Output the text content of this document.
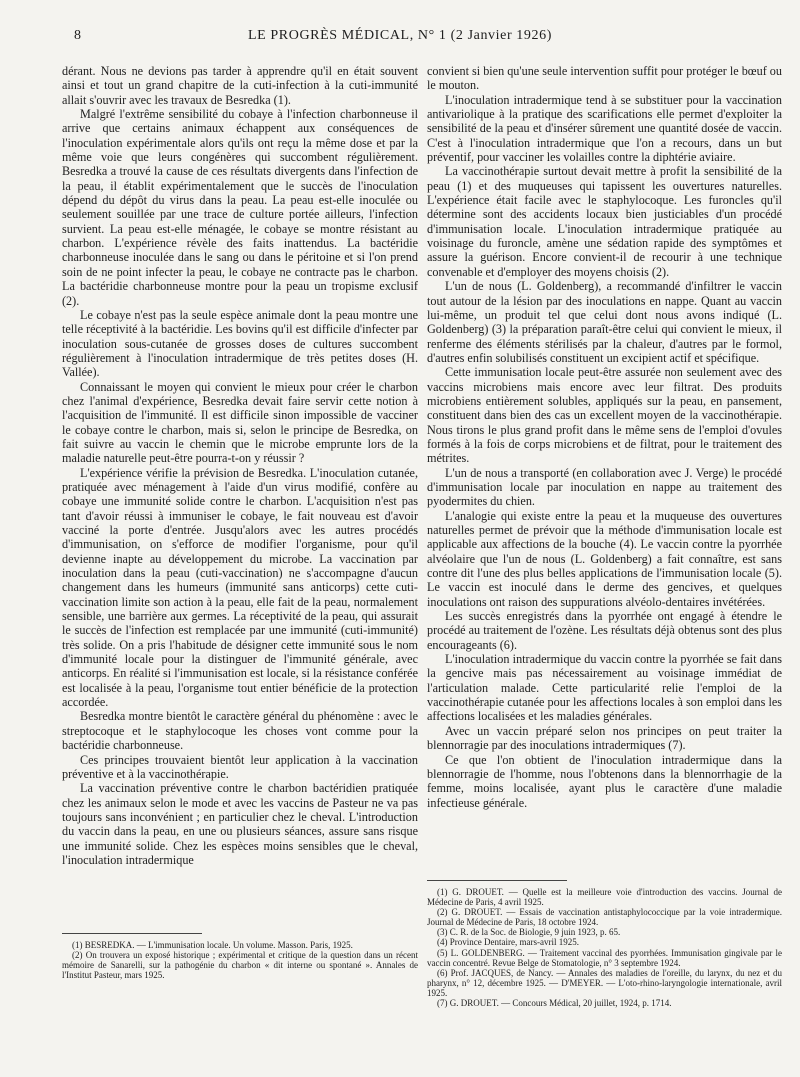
8	LE PROGRÈS MÉDICAL, N° 1 (2 Janvier 1926)

dérant. Nous ne devions pas tarder à apprendre qu'il en était souvent ainsi et tout un grand chapitre de la cuti-infection à la cuti-immunité allait s'ouvrir avec les travaux de Besredka (1).

Malgré l'extrême sensibilité du cobaye à l'infection charbonneuse il arrive que certains animaux échappent aux conséquences de l'inoculation expérimentale alors qu'ils ont reçu la même dose et par la même voie que leurs congénères qui succombent régulièrement. Besredka a trouvé la cause de ces résultats divergents dans l'infection de la peau, il établit expérimentalement que le succès de l'inoculation dépend du dépôt du virus dans la peau. La peau est-elle inoculée ou seulement souillée par une trace de culture portée ailleurs, l'infection survient. La peau est-elle ménagée, le cobaye se montre résistant au charbon. L'expérience révèle des faits inattendus. La bactéridie charbonneuse inoculée dans le sang ou dans le péritoine et si l'on prend soin de ne point infecter la peau, le cobaye ne contracte pas le charbon. La bactéridie charbonneuse montre pour la peau un tropisme exclusif (2).

Le cobaye n'est pas la seule espèce animale dont la peau montre une telle réceptivité à la bactéridie. Les bovins qu'il est difficile d'infecter par inoculation sous-cutanée de grosses doses de cultures succombent régulièrement à l'inoculation intradermique de très petites doses (H. Vallée).

Connaissant le moyen qui convient le mieux pour créer le charbon chez l'animal d'expérience, Besredka devait faire servir cette notion à l'acquisition de l'immunité. Il est difficile sinon impossible de vacciner le cobaye contre le charbon, mais si, selon le principe de Besredka, on fait suivre au vaccin le chemin que le microbe emprunte lors de la maladie naturelle peut-être pourra-t-on y réussir ?

L'expérience vérifie la prévision de Besredka. L'inoculation cutanée, pratiquée avec ménagement à l'aide d'un virus modifié, confère au cobaye une immunité solide contre le charbon. L'acquisition n'est pas tant d'avoir réussi à immuniser le cobaye, le fait nouveau est d'avoir vacciné la porte d'entrée. Jusqu'alors avec les autres procédés d'immunisation, on s'efforce de modifier l'organisme, pour qu'il devienne inapte au développement du microbe. La vaccination par inoculation dans la peau (cuti-vaccination) ne s'accompagne d'aucun changement dans les humeurs (immunité sans anticorps) cette cuti-vaccination limite son action à la peau, elle fait de la peau, normalement sensible, une barrière aux germes. La réceptivité de la peau, qui assurait le succès de l'infection est remplacée par une immunité (cuti-immunité) très solide. On a pris l'habitude de désigner cette immunité sous le nom d'immunité locale pour la distinguer de l'immunité générale, avec anticorps. En réalité si l'immunisation est locale, si la résistance conférée est localisée à la peau, l'organisme tout entier bénéficie de la protection accordée.

Besredka montre bientôt le caractère général du phénomène : avec le streptocoque et le staphylocoque les choses vont comme pour la bactéridie charbonneuse.

Ces principes trouvaient bientôt leur application à la vaccination préventive et à la vaccinothérapie.

La vaccination préventive contre le charbon bactéridien pratiquée chez les animaux selon le mode et avec les vaccins de Pasteur ne va pas toujours sans inconvénient ; en particulier chez le cheval. L'introduction du vaccin dans la peau, en une ou plusieurs séances, assure sans risque une immunité solide. Chez les espèces moins sensibles que le cheval, l'inoculation intradermique

convient si bien qu'une seule intervention suffit pour protéger le bœuf ou le mouton.

L'inoculation intradermique tend à se substituer pour la vaccination antivariolique à la pratique des scarifications elle permet d'exploiter la sensibilité de la peau et d'insérer sûrement une quantité dosée de vaccin. C'est à l'inoculation intradermique que l'on a recours, dans un but préventif, pour vacciner les volailles contre la diphtérie aviaire.

La vaccinothérapie surtout devait mettre à profit la sensibilité de la peau (1) et des muqueuses qui tapissent les ouvertures naturelles. L'expérience était facile avec le staphylocoque. Les furoncles qu'il détermine sont des accidents locaux bien justiciables d'un procédé d'immunisation locale. L'inoculation intradermique pratiquée au voisinage du furoncle, amène une sédation rapide des symptômes et assure la guérison. Encore convient-il de recourir à une technique convenable et d'employer des moyens choisis (2).

L'un de nous (L. Goldenberg), a recommandé d'infiltrer le vaccin tout autour de la lésion par des inoculations en nappe. Quant au vaccin lui-même, un produit tel que celui dont nous avons indiqué (L. Goldenberg) (3) la préparation paraît-être celui qui convient le mieux, il renferme des éléments stérilisés par la chaleur, d'autres par le formol, d'autres enfin solubilisés constituent un excipient actif et spécifique.

Cette immunisation locale peut-être assurée non seulement avec des vaccins microbiens mais encore avec leur filtrat. Des produits microbiens entièrement solubles, appliqués sur la peau, en pansement, constituent dans bien des cas un excellent moyen de la vaccinothérapie. Nous tirons le plus grand profit dans le même sens de l'emploi d'ovules formés à la fois de corps microbiens et de filtrat, pour le traitement des métrites.

L'un de nous a transporté (en collaboration avec J. Verge) le procédé d'immunisation locale par inoculation en nappe au traitement des pyodermites du chien.

L'analogie qui existe entre la peau et la muqueuse des ouvertures naturelles permet de prévoir que la méthode d'immunisation locale est applicable aux affections de la bouche (4). Le vaccin contre la pyorrhée alvéolaire que l'un de nous (L. Goldenberg) a fait connaître, est sans contre dit l'une des plus belles applications de l'immunisation locale (5). Le vaccin est inoculé dans le derme des gencives, et quelques inoculations ont raison des suppurations alvéolo-dentaires invétérées.

Les succès enregistrés dans la pyorrhée ont engagé à étendre le procédé au traitement de l'ozène. Les résultats déjà obtenus sont des plus encourageants (6).

L'inoculation intradermique du vaccin contre la pyorrhée se fait dans la gencive mais pas nécessairement au voisinage immédiat de l'articulation malade. Cette particularité relie l'emploi de la vaccinothérapie cutanée pour les affections locales à son emploi dans les affections localisées et les maladies générales.

Avec un vaccin préparé selon nos principes on peut traiter la blennorragie par des inoculations intradermiques (7).

Ce que l'on obtient de l'inoculation intradermique dans la blennorragie de l'homme, nous l'obtenons dans la blennorrhagie de la femme, moins localisée, ayant plus le caractère d'une maladie infectieuse générale.

(1) BESREDKA. — L'immunisation locale. Un volume. Masson. Paris, 1925.

(2) On trouvera un exposé historique ; expérimental et critique de la question dans un récent mémoire de Sanarelli, sur la pathogénie du charbon « dit interne ou spontané ». Annales de l'Institut Pasteur, mars 1925.

(1) G. DROUET. — Quelle est la meilleure voie d'introduction des vaccins. Journal de Médecine de Paris, 4 avril 1925.

(2) G. DROUET. — Essais de vaccination antistaphylococcique par la voie intradermique. Journal de Médecine de Paris, 18 octobre 1924.

(3) C. R. de la Soc. de Biologie, 9 juin 1923, p. 65.

(4) Province Dentaire, mars-avril 1925.

(5) L. GOLDENBERG. — Traitement vaccinal des pyorrhées. Immunisation gingivale par le vaccin concentré. Revue Belge de Stomatologie, n° 3 septembre 1924.

(6) Prof. JACQUES, de Nancy. — Annales des maladies de l'oreille, du larynx, du nez et du pharynx, n° 12, décembre 1925. — D'MEYER. — L'oto-rhino-laryngologie internationale, avril 1925.

(7) G. DROUET. — Concours Médical, 20 juillet, 1924, p. 1714.
